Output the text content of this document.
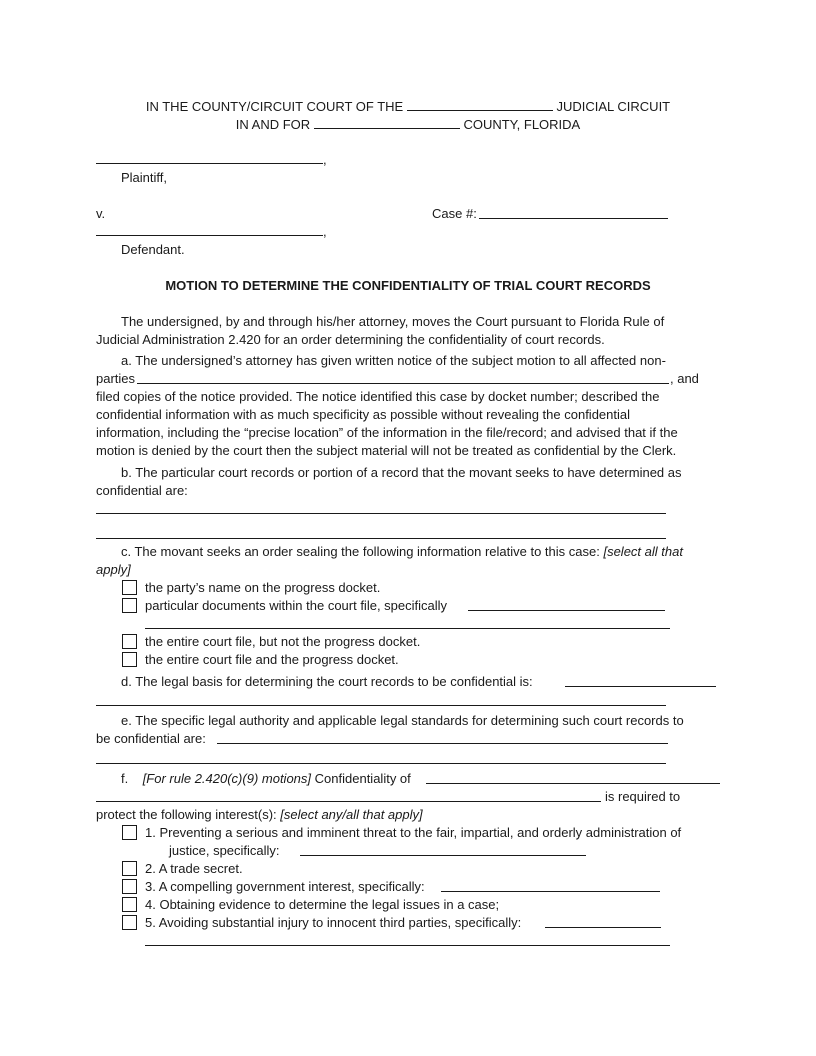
IN THE COUNTY/CIRCUIT COURT OF THE	JUDICIAL CIRCUIT
IN AND FOR	COUNTY, FLORIDA
,
Plaintiff,
v.	Case #:
,
Defendant.
MOTION TO DETERMINE THE CONFIDENTIALITY OF TRIAL COURT RECORDS
The undersigned, by and through his/her attorney, moves the Court pursuant to Florida Rule of
Judicial Administration 2.420 for an order determining the confidentiality of court records.
a. The undersigned’s attorney has given written notice of the subject motion to all affected non-
parties	, and
filed copies of the notice provided. The notice identified this case by docket number; described the
confidential information with as much specificity as possible without revealing the confidential
information, including the “precise location” of the information in the file/record; and advised that if the
motion is denied by the court then the subject material will not be treated as confidential by the Clerk.
b. The particular court records or portion of a record that the movant seeks to have determined as
confidential are:
c. The movant seeks an order sealing the following information relative to this case: [select all that
apply]
the party’s name on the progress docket.
particular documents within the court file, specifically
the entire court file, but not the progress docket.
the entire court file and the progress docket.
d. The legal basis for determining the court records to be confidential is:
e. The specific legal authority and applicable legal standards for determining such court records to
be confidential are:
f. [For rule 2.420(c)(9) motions] Confidentiality of
is required to
protect the following interest(s): [select any/all that apply]
1. Preventing a serious and imminent threat to the fair, impartial, and orderly administration of
justice, specifically:
2. A trade secret.
3. A compelling government interest, specifically:
4. Obtaining evidence to determine the legal issues in a case;
5. Avoiding substantial injury to innocent third parties, specifically:
